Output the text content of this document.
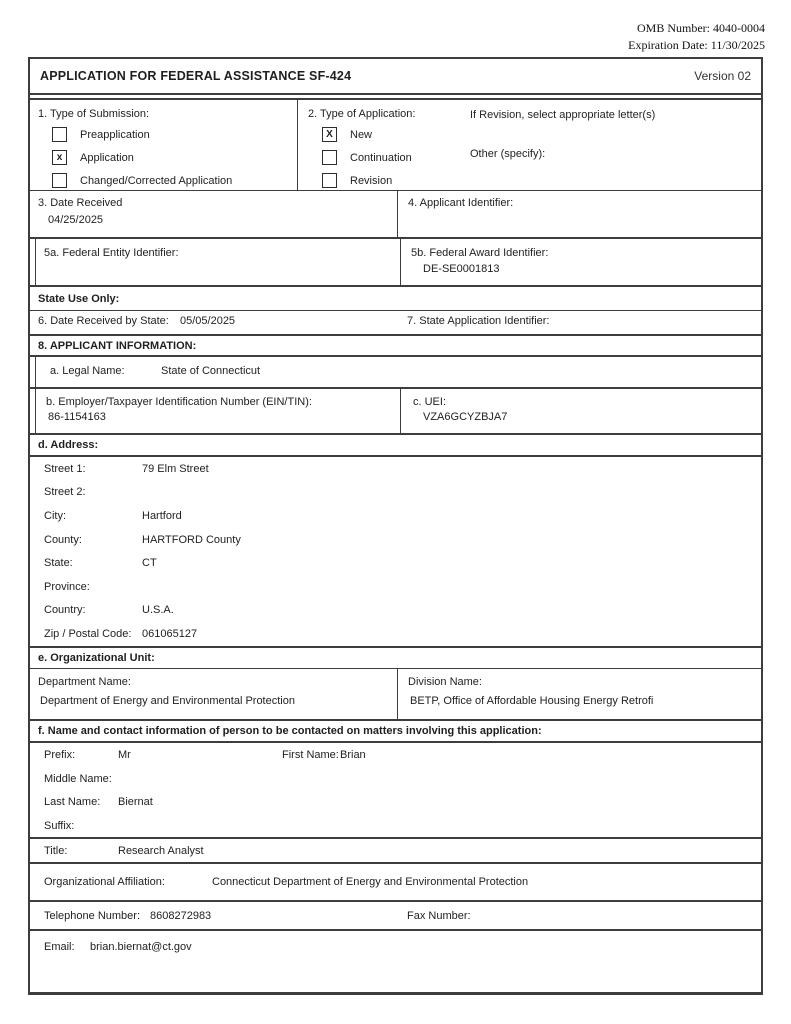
OMB Number: 4040-0004
Expiration Date: 11/30/2025
APPLICATION FOR FEDERAL ASSISTANCE SF-424	Version 02
1. Type of Submission:
Preapplication
x	Application
Changed/Corrected Application
2. Type of Application:
X	New
Continuation
Revision
If Revision, select appropriate letter(s)
Other (specify):
3. Date Received
04/25/2025
4. Applicant Identifier:
5a. Federal Entity Identifier:	5b. Federal Award Identifier:
DE-SE0001813
State Use Only:
6. Date Received by State: 05/05/2025	7. State Application Identifier:
8. APPLICANT INFORMATION:
a. Legal Name:	State of Connecticut
b. Employer/Taxpayer Identification Number (EIN/TIN):
86-1154163
c. UEI:
VZA6GCYZBJA7
d. Address:
Street 1:	79 Elm Street
Street 2:
City:	Hartford
County:	HARTFORD County
State:	CT
Province:
Country:	U.S.A.
Zip / Postal Code: 061065127
e. Organizational Unit:
Department Name:
Department of Energy and Environmental Protection
Division Name:
BETP, Office of Affordable Housing Energy Retrofi
f. Name and contact information of person to be contacted on matters involving this application:
Prefix:	Mr	First Name: Brian
Middle Name:
Last Name:	Biernat
Suffix:
Title:	Research Analyst
Organizational Affiliation:	Connecticut Department of Energy and Environmental Protection
Telephone Number: 8608272983	Fax Number:
Email: brian.biernat@ct.gov
